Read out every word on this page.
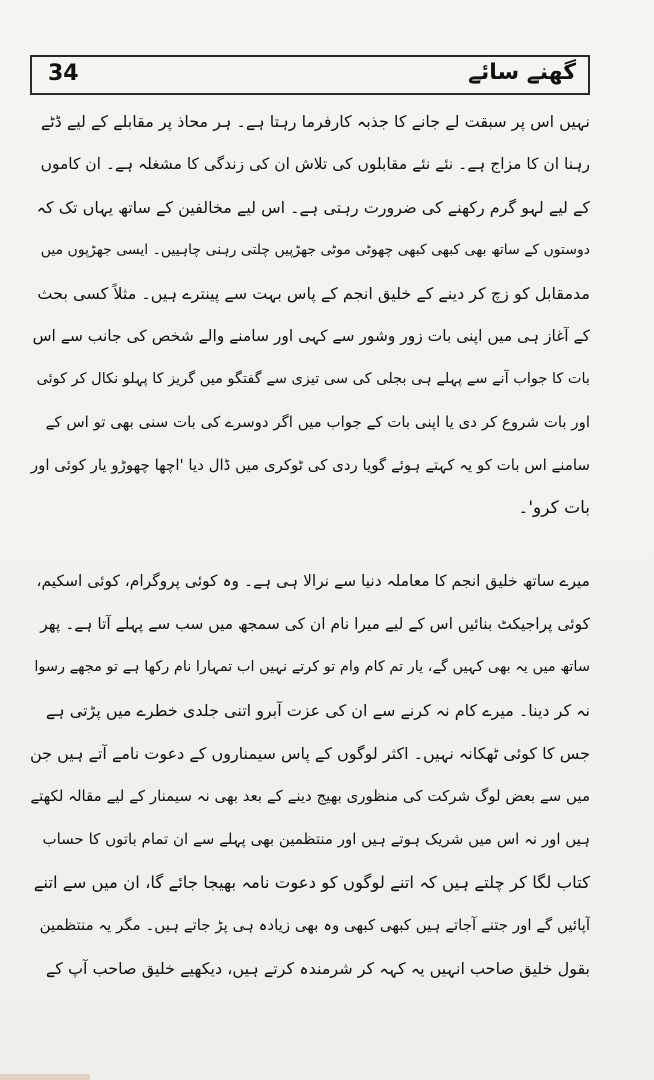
34	گھنے سائے
نہیں اس پر سبقت لے جانے کا جذبہ کارفرما رہتا ہے۔ ہر محاذ پر مقابلے کے لیے ڈٹے
رہنا ان کا مزاج ہے۔ نئے نئے مقابلوں کی تلاش ان کی زندگی کا مشغلہ ہے۔ ان کاموں
کے لیے لہو گرم رکھنے کی ضرورت رہتی ہے۔ اس لیے مخالفین کے ساتھ یہاں تک کہ
دوستوں کے ساتھ بھی کبھی کبھی چھوٹی موٹی جھڑپیں چلتی رہنی چاہییں۔ ایسی جھڑپوں میں
مدمقابل کو زچ کر دینے کے خلیق انجم کے پاس بہت سے پینترے ہیں۔ مثلاً کسی بحث
کے آغاز ہی میں اپنی بات زور وشور سے کہی اور سامنے والے شخص کی جانب سے اس
بات کا جواب آنے سے پہلے ہی بجلی کی سی تیزی سے گفتگو میں گریز کا پہلو نکال کر کوئی
اور بات شروع کر دی یا اپنی بات کے جواب میں اگر دوسرے کی بات سنی بھی تو اس کے
سامنے اس بات کو یہ کہتے ہوئے گویا ردی کی ٹوکری میں ڈال دیا 'اچھا چھوڑو یار کوئی اور
بات کرو'۔
میرے ساتھ خلیق انجم کا معاملہ دنیا سے نرالا ہی ہے۔ وہ کوئی پروگرام، کوئی اسکیم،
کوئی پراجیکٹ بنائیں اس کے لیے میرا نام ان کی سمجھ میں سب سے پہلے آتا ہے۔ پھر
ساتھ میں یہ بھی کہیں گے، یار تم کام وام تو کرتے نہیں اب تمہارا نام رکھا ہے تو مجھے رسوا
نہ کر دینا۔ میرے کام نہ کرنے سے ان کی عزت آبرو اتنی جلدی خطرے میں پڑتی ہے
جس کا کوئی ٹھکانہ نہیں۔ اکثر لوگوں کے پاس سیمناروں کے دعوت نامے آتے ہیں جن
میں سے بعض لوگ شرکت کی منظوری بھیج دینے کے بعد بھی نہ سیمنار کے لیے مقالہ لکھتے
ہیں اور نہ اس میں شریک ہوتے ہیں اور منتظمین بھی پہلے سے ان تمام باتوں کا حساب
کتاب لگا کر چلتے ہیں کہ اتنے لوگوں کو دعوت نامہ بھیجا جائے گا، ان میں سے اتنے
آپائیں گے اور جتنے آجاتے ہیں کبھی کبھی وہ بھی زیادہ ہی پڑ جاتے ہیں۔ مگر یہ منتظمین
بقول خلیق صاحب انہیں یہ کہہ کر شرمندہ کرتے ہیں، دیکھیے خلیق صاحب آپ کے
